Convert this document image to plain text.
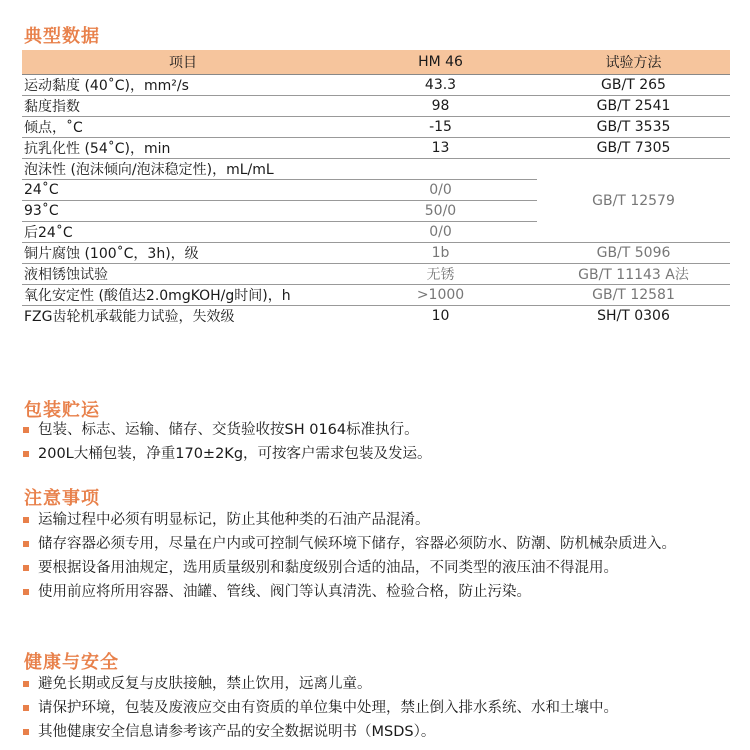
典型数据
项目	HM 46	试验方法
运动黏度 (40˚C)，mm²/s	43.3	GB/T 265
黏度指数	98	GB/T 2541
倾点，˚C	-15	GB/T 3535
抗乳化性 (54˚C)，min	13	GB/T 7305
泡沫性 (泡沫倾向/泡沫稳定性)，mL/mL		GB/T 12579
24˚C	0/0	
93˚C	50/0	
后24˚C	0/0	
铜片腐蚀 (100˚C，3h)，级	1b	GB/T 5096
液相锈蚀试验	无锈	GB/T 11143 A法
氧化安定性 (酸值达2.0mgKOH/g时间)，h	>1000	GB/T 12581
FZG齿轮机承载能力试验，失效级	10	SH/T 0306
包装贮运
包装、标志、运输、储存、交货验收按SH 0164标准执行。
200L大桶包装，净重170±2Kg，可按客户需求包装及发运。
注意事项
运输过程中必须有明显标记，防止其他种类的石油产品混淆。
储存容器必须专用，尽量在户内或可控制气候环境下储存，容器必须防水、防潮、防机械杂质进入。
要根据设备用油规定，选用质量级别和黏度级别合适的油品，不同类型的液压油不得混用。
使用前应将所用容器、油罐、管线、阀门等认真清洗、检验合格，防止污染。
健康与安全
避免长期或反复与皮肤接触，禁止饮用，远离儿童。
请保护环境，包装及废液应交由有资质的单位集中处理，禁止倒入排水系统、水和土壤中。
其他健康安全信息请参考该产品的安全数据说明书（MSDS）。
